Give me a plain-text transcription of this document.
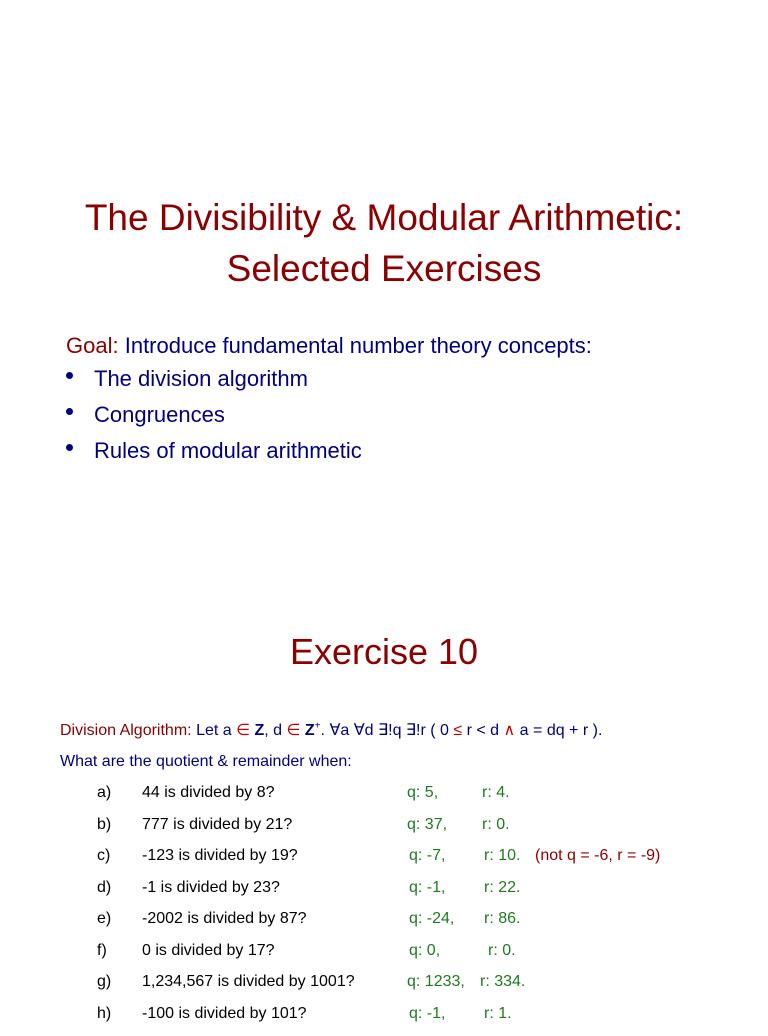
The Divisibility & Modular Arithmetic:
Selected Exercises
Goal: Introduce fundamental number theory concepts:
The division algorithm
Congruences
Rules of modular arithmetic
Exercise 10
Division Algorithm: Let a ∈ Z, d ∈ Z+. ∀a ∀d ∃!q ∃!r ( 0 ≤ r < d ∧ a = dq + r ).
What are the quotient & remainder when:
a) 44 is divided by 8?	q: 5,	r: 4.
b) 777 is divided by 21?	q: 37, r: 0.
c) -123 is divided by 19?	q: -7, r: 10. (not q = -6, r = -9)
d) -1 is divided by 23?	q: -1, r: 22.
e) -2002 is divided by 87?	q: -24, r: 86.
f) 0 is divided by 17?	q: 0,	r: 0.
g) 1,234,567 is divided by 1001?	q: 1233, r: 334.
h) -100 is divided by 101?	q: -1, r: 1.
